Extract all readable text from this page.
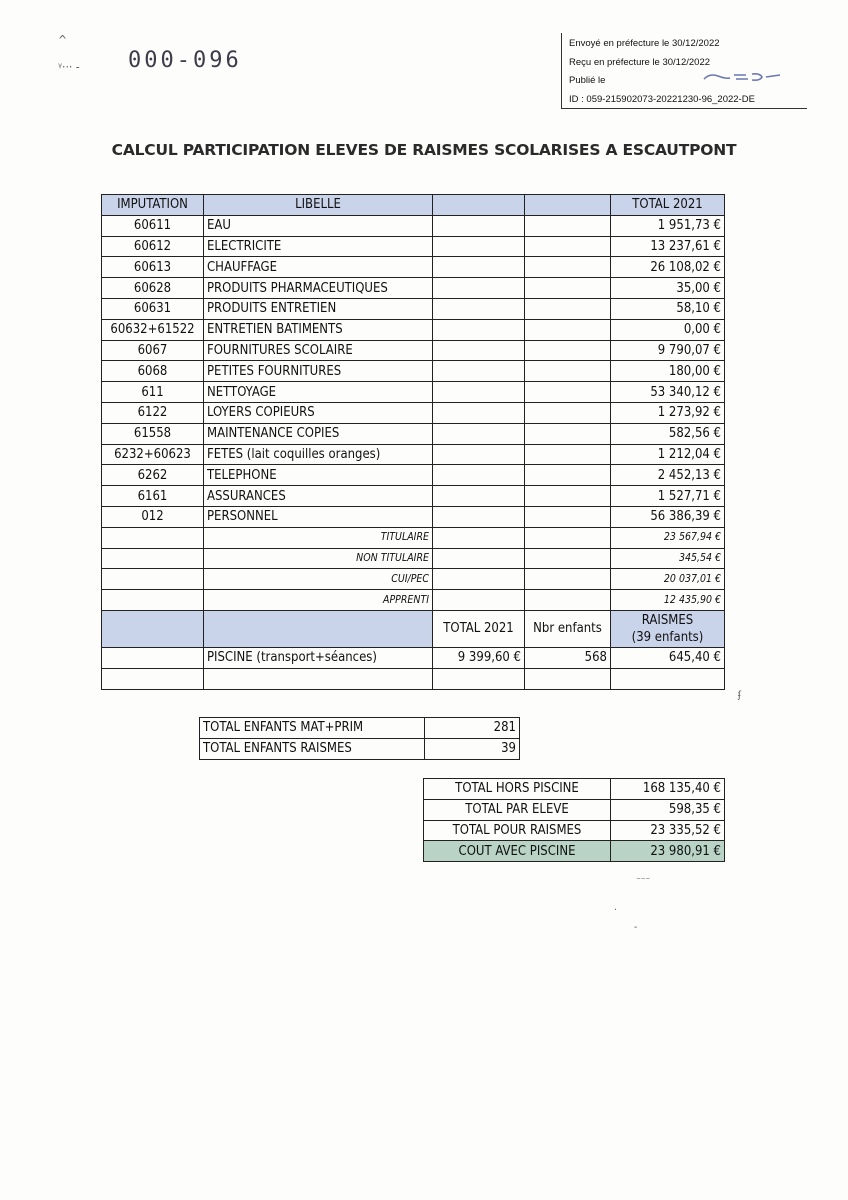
^
ᵞ··· - 000-096
Envoyé en préfecture le 30/12/2022
Reçu en préfecture le 30/12/2022
Publié le
ID : 059-215902073-20221230-96_2022-DE
CALCUL PARTICIPATION ELEVES DE RAISMES SCOLARISES A ESCAUTPONT
IMPUTATION	LIBELLE			TOTAL 2021
60611	EAU			1 951,73 €
60612	ELECTRICITE			13 237,61 €
60613	CHAUFFAGE			26 108,02 €
60628	PRODUITS PHARMACEUTIQUES			35,00 €
60631	PRODUITS ENTRETIEN			58,10 €
60632+61522	ENTRETIEN BATIMENTS			0,00 €
6067	FOURNITURES SCOLAIRE			9 790,07 €
6068	PETITES FOURNITURES			180,00 €
611	NETTOYAGE			53 340,12 €
6122	LOYERS COPIEURS			1 273,92 €
61558	MAINTENANCE COPIES			582,56 €
6232+60623	FETES (lait coquilles oranges)			1 212,04 €
6262	TELEPHONE			2 452,13 €
6161	ASSURANCES			1 527,71 €
012	PERSONNEL			56 386,39 €
	TITULAIRE			23 567,94 €
	NON TITULAIRE			345,54 €
	CUI/PEC			20 037,01 €
	APPRENTI			12 435,90 €
		TOTAL 2021	Nbr enfants	RAISMES
(39 enfants)

	PISCINE (transport+séances)	9 399,60 €	568	645,40 €

TOTAL ENFANTS MAT+PRIM	281
TOTAL ENFANTS RAISMES	39
TOTAL HORS PISCINE	168 135,40 €
TOTAL PAR ELEVE	598,35 €
TOTAL POUR RAISMES	23 335,52 €
COUT AVEC PISCINE	23 980,91 €
ʄ
⁻⁻⁻
·
-
